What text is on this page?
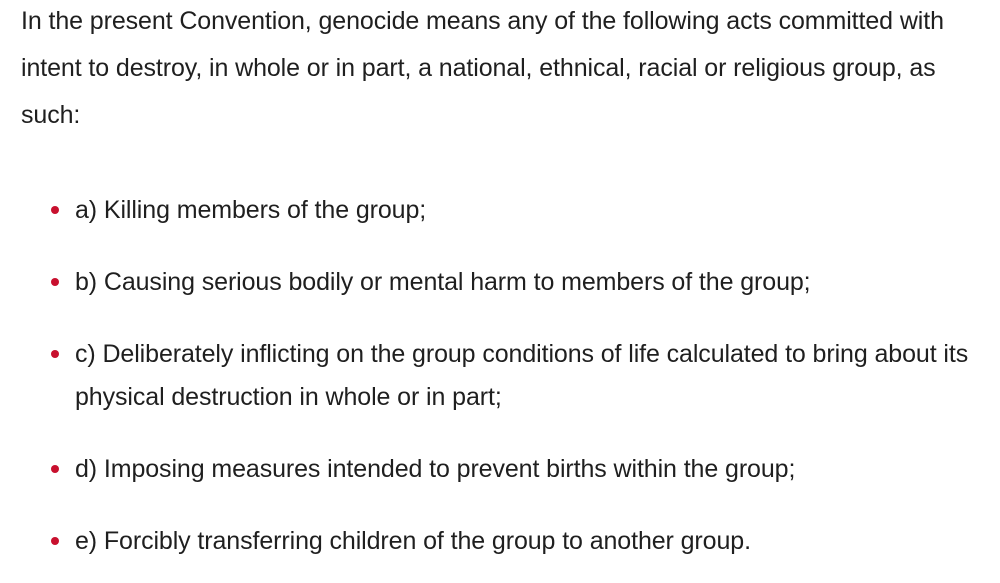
In the present Convention, genocide means any of the following acts committed with intent to destroy, in whole or in part, a national, ethnical, racial or religious group, as such:

a) Killing members of the group;
b) Causing serious bodily or mental harm to members of the group;
c) Deliberately inflicting on the group conditions of life calculated to bring about its physical destruction in whole or in part;
d) Imposing measures intended to prevent births within the group;
e) Forcibly transferring children of the group to another group.
